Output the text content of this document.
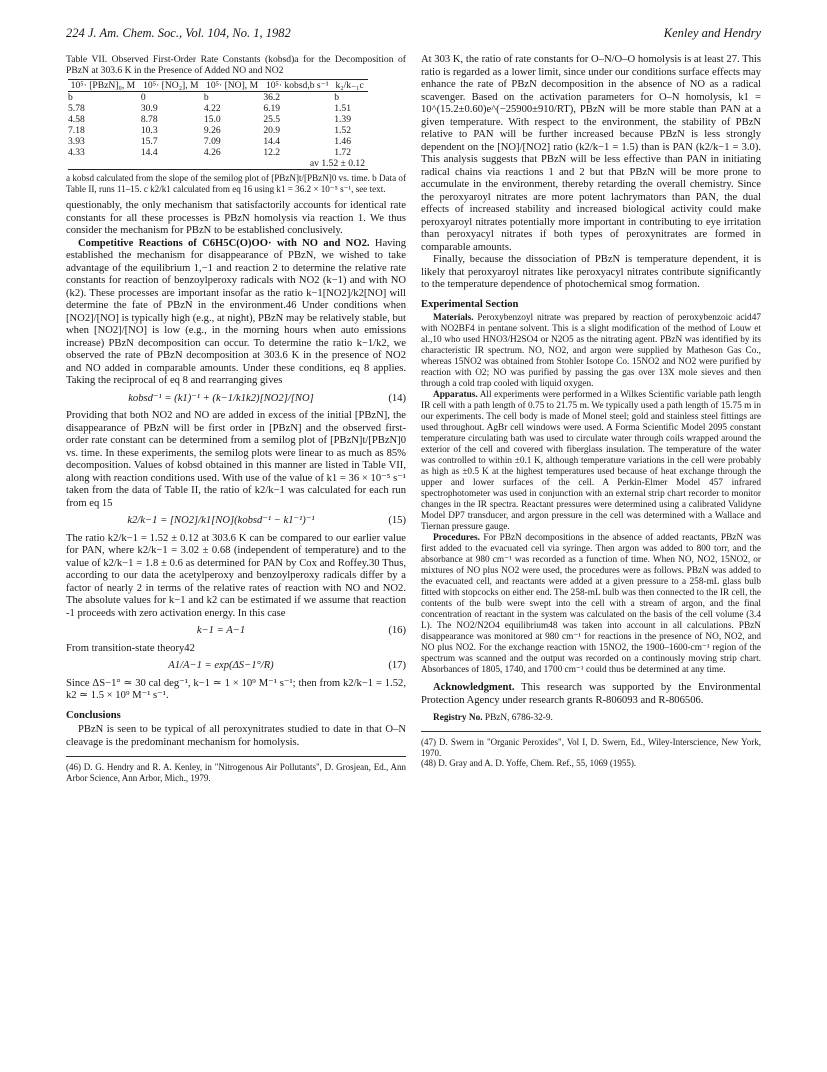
224 J. Am. Chem. Soc., Vol. 104, No. 1, 1982	Kenley and Hendry
Table VII. Observed First-Order Rate Constants (kobsd)a for the Decomposition of PBzN at 303.6 K in the Presence of Added NO and NO2
10⁵· [PBzN]₀, M	10⁵· [NO₂], M	10⁵· [NO], M	10⁵· kobsd,b s⁻¹	k₂/k₋₁c
b	0	b	36.2	b
5.78	30.9	4.22	6.19	1.51
4.58	8.78	15.0	25.5	1.39
7.18	10.3	9.26	20.9	1.52
3.93	15.7	7.09	14.4	1.46
4.33	14.4	4.26	12.2	1.72
av 1.52 ± 0.12				
a kobsd calculated from the slope of the semilog plot of [PBzN]t/[PBzN]0 vs. time. b Data of Table II, runs 11–15. c k2/k1 calculated from eq 16 using k1 = 36.2 × 10⁻⁵ s⁻¹, see text.

questionably, the only mechanism that satisfactorily accounts for identical rate constants for all these processes is PBzN homolysis via reaction 1. We thus consider the mechanism for PBzN to be established conclusively.

Competitive Reactions of C6H5C(O)OO· with NO and NO2. Having established the mechanism for disappearance of PBzN, we wished to take advantage of the equilibrium 1,−1 and reaction 2 to determine the relative rate constants for reaction of benzoylperoxy radicals with NO2 (k−1) and with NO (k2). These processes are important insofar as the ratio k−1[NO2]/k2[NO] will determine the fate of PBzN in the environment.46 Under conditions when [NO2]/[NO] is typically high (e.g., at night), PBzN may be relatively stable, but when [NO2]/[NO] is low (e.g., in the morning hours when auto emissions increase) PBzN decomposition can occur. To determine the ratio k−1/k2, we observed the rate of PBzN decomposition at 303.6 K in the presence of NO2 and NO added in comparable amounts. Under these conditions, eq 8 applies. Taking the reciprocal of eq 8 and rearranging gives

kobsd⁻¹ = (k1)⁻¹ + (k−1/k1k2)[NO2]/[NO]	(14)

Providing that both NO2 and NO are added in excess of the initial [PBzN], the disappearance of PBzN will be first order in [PBzN] and the observed first-order rate constant can be determined from a semilog plot of [PBzN]t/[PBzN]0 vs. time. In these experiments, the semilog plots were linear to as much as 85% decomposition. Values of kobsd obtained in this manner are listed in Table VII, along with reaction conditions used. With use of the value of k1 = 36 × 10⁻⁵ s⁻¹ taken from the data of Table II, the ratio of k2/k−1 was calculated for each run from eq 15

k2/k−1 = [NO2]/k1[NO](kobsd⁻¹ − k1⁻¹)⁻¹	(15)

The ratio k2/k−1 = 1.52 ± 0.12 at 303.6 K can be compared to our earlier value for PAN, where k2/k−1 = 3.02 ± 0.68 (independent of temperature) and to the value of k2/k−1 = 1.8 ± 0.6 as determined for PAN by Cox and Roffey.30 Thus, according to our data the acetylperoxy and benzoylperoxy radicals differ by a factor of nearly 2 in terms of the relative rates of reaction with NO and NO2. The absolute values for k−1 and k2 can be estimated if we assume that reaction -1 proceeds with zero activation energy. In this case

k−1 = A−1	(16)

From transition-state theory42

A1/A−1 = exp(ΔS−1°/R)	(17)

Since ΔS−1° ≃ 30 cal deg⁻¹, k−1 ≃ 1 × 10⁹ M⁻¹ s⁻¹; then from k2/k−1 = 1.52, k2 ≃ 1.5 × 10⁹ M⁻¹ s⁻¹.

Conclusions

PBzN is seen to be typical of all peroxynitrates studied to date in that O–N cleavage is the predominant mechanism for homolysis.

(46) D. G. Hendry and R. A. Kenley, in "Nitrogenous Air Pollutants", D. Grosjean, Ed., Ann Arbor Science, Ann Arbor, Mich., 1979.

At 303 K, the ratio of rate constants for O–N/O–O homolysis is at least 27. This ratio is regarded as a lower limit, since under our conditions surface effects may enhance the rate of PBzN decomposition in the absence of NO as a radical scavenger. Based on the activation parameters for O–N homolysis, k1 = 10^(15.2±0.60)e^(−25900±910/RT), PBzN will be more stable than PAN at a given temperature. With respect to the environment, the stability of PBzN relative to PAN will be further increased because PBzN is less strongly dependent on the [NO]/[NO2] ratio (k2/k−1 = 1.5) than is PAN (k2/k−1 = 3.0). This analysis suggests that PBzN will be less effective than PAN in initiating radical chains via reactions 1 and 2 but that PBzN will be more prone to accumulate in the environment, thereby retarding the overall chemistry. Since the peroxyaroyl nitrates are more potent lachrymators than PAN, the dual effects of increased stability and increased biological activity could make peroxyaroyl nitrates potentially more important in contributing to eye irritation than peroxyacyl nitrates if both types of peroxynitrates are formed in comparable amounts.

Finally, because the dissociation of PBzN is temperature dependent, it is likely that peroxyaroyl nitrates like peroxyacyl nitrates contribute significantly to the temperature dependence of photochemical smog formation.

Experimental Section

Materials. Peroxybenzoyl nitrate was prepared by reaction of peroxybenzoic acid47 with NO2BF4 in pentane solvent. This is a slight modification of the method of Louw et al.,10 who used HNO3/H2SO4 or N2O5 as the nitrating agent. PBzN was identified by its characteristic IR spectrum. NO, NO2, and argon were supplied by Matheson Gas Co., whereas 15NO2 was obtained from Stohler Isotope Co. 15NO2 and NO2 were purified by reaction with O2; NO was purified by passing the gas over 13X mole sieves and then through a cold trap cooled with liquid oxygen.

Apparatus. All experiments were performed in a Wilkes Scientific variable path length IR cell with a path length of 0.75 to 21.75 m. We typically used a path length of 15.75 m in our experiments. The cell body is made of Monel steel; gold and stainless steel fittings are used throughout. AgBr cell windows were used. A Forma Scientific Model 2095 constant temperature circulating bath was used to circulate water through coils wrapped around the exterior of the cell and covered with fiberglass insulation. The temperature of the water was controlled to within ±0.1 K, although temperature variations in the cell were probably as high as ±0.5 K at the highest temperatures used because of heat exchange through the upper and lower surfaces of the cell. A Perkin-Elmer Model 457 infrared spectrophotometer was used in conjunction with an external strip chart recorder to monitor changes in the IR spectra. Reactant pressures were determined using a calibrated Validyne Model DP7 transducer, and argon pressure in the cell was determined with a Wallace and Tiernan pressure gauge.

Procedures. For PBzN decompositions in the absence of added reactants, PBzN was first added to the evacuated cell via syringe. Then argon was added to 800 torr, and the absorbance at 980 cm⁻¹ was recorded as a function of time. When NO, NO2, 15NO2, or mixtures of NO plus NO2 were used, the procedures were as follows. PBzN was added to the evacuated cell, and reactants were added at a given pressure to a 258-mL glass bulb fitted with stopcocks on either end. The 258-mL bulb was then connected to the IR cell, the contents of the bulb were swept into the cell with a stream of argon, and the final concentration of reactant in the system was calculated on the basis of the cell volume (3.4 L). The NO2/N2O4 equilibrium48 was taken into account in all calculations. PBzN disappearance was monitored at 980 cm⁻¹ for reactions in the presence of NO, NO2, and NO plus NO2. For the exchange reaction with 15NO2, the 1900–1600-cm⁻¹ region of the spectrum was scanned and the output was recorded on a continously moving strip chart. Absorbances of 1805, 1740, and 1700 cm⁻¹ could thus be determined at any time.

Acknowledgment. This research was supported by the Environmental Protection Agency under research grants R-806093 and R-806506.

Registry No. PBzN, 6786-32-9.

(47) D. Swern in "Organic Peroxides", Vol I, D. Swern, Ed., Wiley-Interscience, New York, 1970.
(48) D. Gray and A. D. Yoffe, Chem. Ref., 55, 1069 (1955).
